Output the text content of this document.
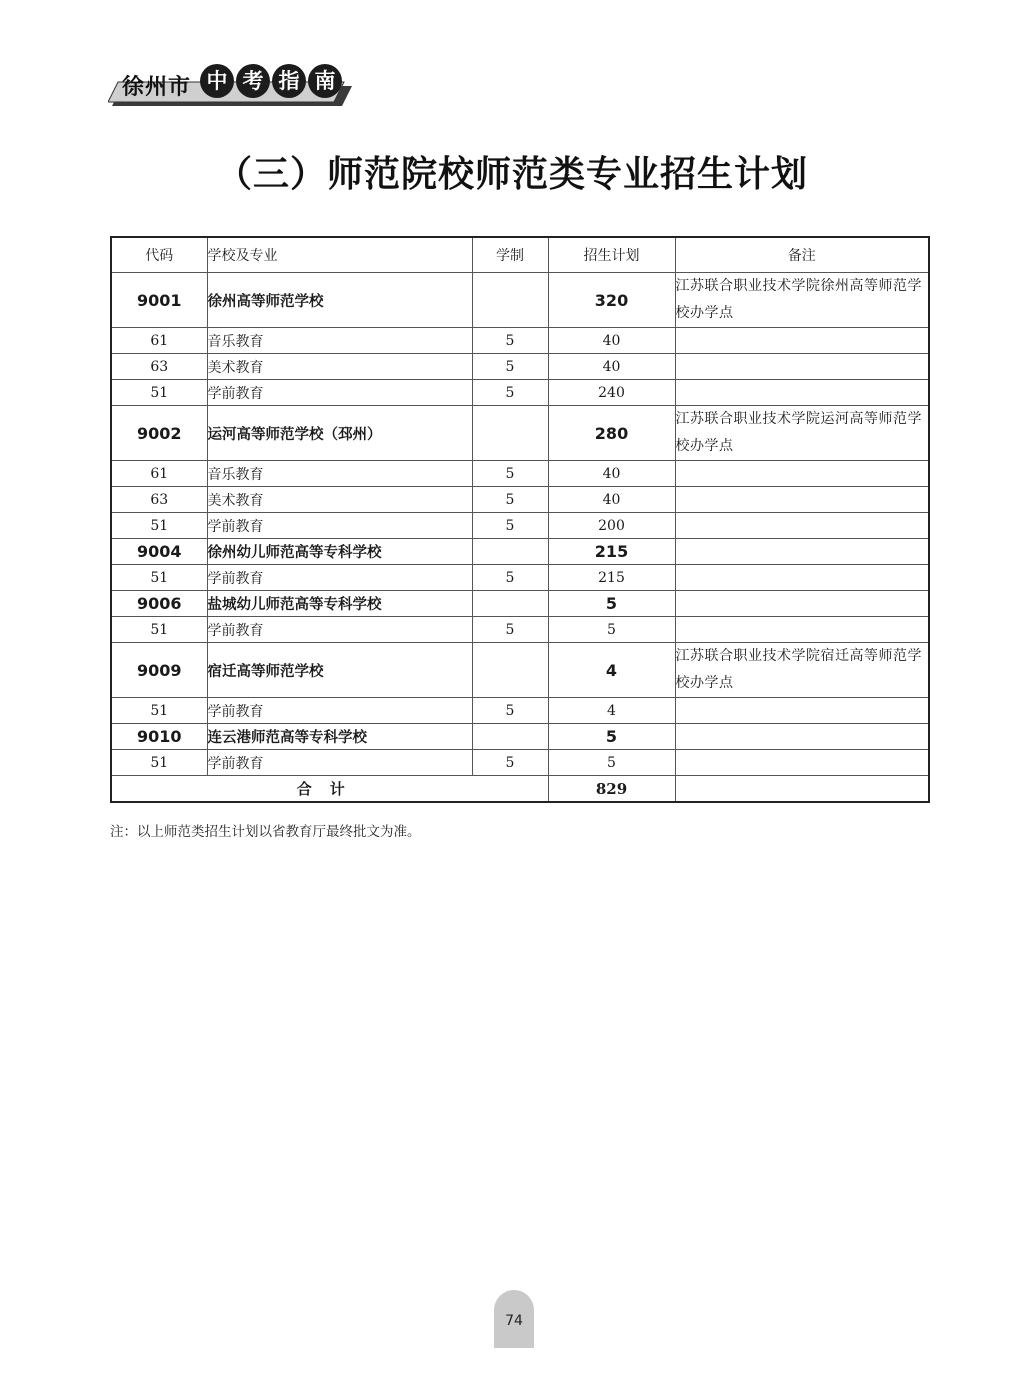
徐州市 中 考 指 南
（三）师范院校师范类专业招生计划
代码	学校及专业	学制	招生计划	备注
9001	徐州高等师范学校		320	江苏联合职业技术学院徐州高等师范学校办学点
61	音乐教育	5	40	
63	美术教育	5	40	
51	学前教育	5	240	
9002	运河高等师范学校（邳州）		280	江苏联合职业技术学院运河高等师范学校办学点
61	音乐教育	5	40	
63	美术教育	5	40	
51	学前教育	5	200	
9004	徐州幼儿师范高等专科学校		215	
51	学前教育	5	215	
9006	盐城幼儿师范高等专科学校		5	
51	学前教育	5	5	
9009	宿迁高等师范学校		4	江苏联合职业技术学院宿迁高等师范学校办学点
51	学前教育	5	4	
9010	连云港师范高等专科学校		5	
51	学前教育	5	5	
合计			829	
注：以上师范类招生计划以省教育厅最终批文为准。
74
